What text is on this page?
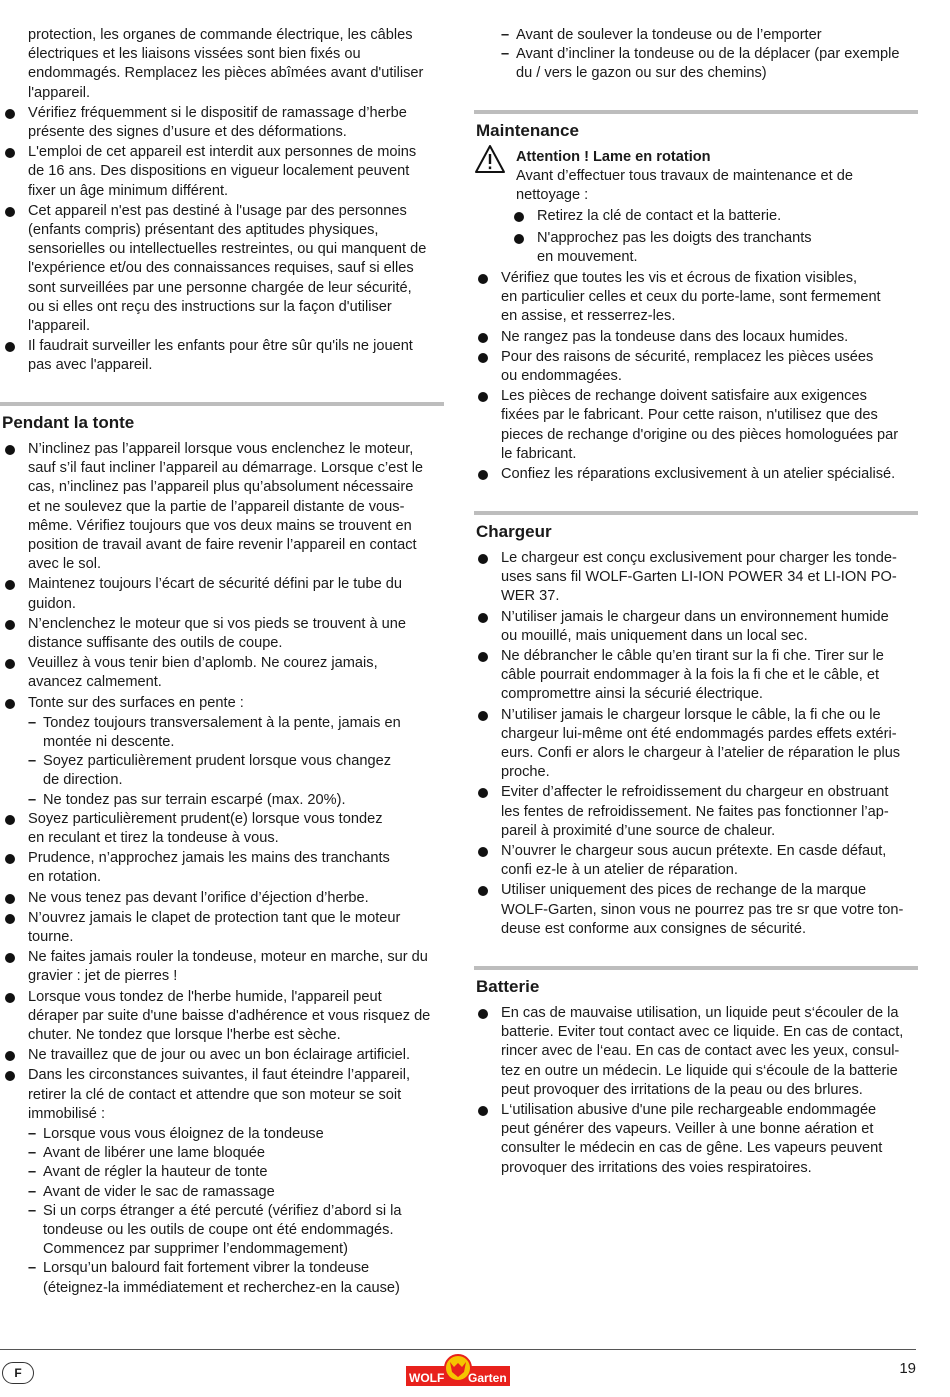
protection, les organes de commande électrique, les câbles
électriques et les liaisons vissées sont bien fixés ou
endommagés. Remplacez les pièces abîmées avant d'utiliser
l'appareil.
Vérifiez fréquemment si le dispositif de ramassage d’herbe
présente des signes d’usure et des déformations.
L'emploi de cet appareil est interdit aux personnes de moins
de 16 ans. Des dispositions en vigueur localement peuvent
fixer un âge minimum différent.
Cet appareil n'est pas destiné à l'usage par des personnes
(enfants compris) présentant des aptitudes physiques,
sensorielles ou intellectuelles restreintes, ou qui manquent de
l'expérience et/ou des connaissances requises, sauf si elles
sont surveillées par une personne chargée de leur sécurité,
ou si elles ont reçu des instructions sur la façon d'utiliser
l'appareil.
Il faudrait surveiller les enfants pour être sûr qu'ils ne jouent
pas avec l'appareil.
Pendant la tonte
N’inclinez pas l’appareil lorsque vous enclenchez le moteur,
sauf s’il faut incliner l’appareil au démarrage. Lorsque c’est le
cas, n’inclinez pas l’appareil plus qu’absolument nécessaire
et ne soulevez que la partie de l’appareil distante de vous-
même. Vérifiez toujours que vos deux mains se trouvent en
position de travail avant de faire revenir l’appareil en contact
avec le sol.
Maintenez toujours l’écart de sécurité défini par le tube du
guidon.
N’enclenchez le moteur que si vos pieds se trouvent à une
distance suffisante des outils de coupe.
Veuillez à vous tenir bien d’aplomb. Ne courez jamais,
avancez calmement.
Tonte sur des surfaces en pente :
– Tondez toujours transversalement à la pente, jamais en
montée ni descente.
– Soyez particulièrement prudent lorsque vous changez
de direction.
– Ne tondez pas sur terrain escarpé (max. 20%).
Soyez particulièrement prudent(e) lorsque vous tondez
en reculant et tirez la tondeuse à vous.
Prudence, n’approchez jamais les mains des tranchants
en rotation.
Ne vous tenez pas devant l’orifice d’éjection d’herbe.
N’ouvrez jamais le clapet de protection tant que le moteur
tourne.
Ne faites jamais rouler la tondeuse, moteur en marche, sur du
gravier : jet de pierres !
Lorsque vous tondez de l'herbe humide, l'appareil peut
déraper par suite d'une baisse d'adhérence et vous risquez de
chuter. Ne tondez que lorsque l'herbe est sèche.
Ne travaillez que de jour ou avec un bon éclairage artificiel.
Dans les circonstances suivantes, il faut éteindre l’appareil,
retirer la clé de contact et attendre que son moteur se soit
immobilisé :
– Lorsque vous vous éloignez de la tondeuse
– Avant de libérer une lame bloquée
– Avant de régler la hauteur de tonte
– Avant de vider le sac de ramassage
– Si un corps étranger a été percuté (vérifiez d’abord si la
tondeuse ou les outils de coupe ont été endommagés.
Commencez par supprimer l’endommagement)
– Lorsqu’un balourd fait fortement vibrer la tondeuse
(éteignez-la immédiatement et recherchez-en la cause)
– Avant de soulever la tondeuse ou de l’emporter
– Avant d’incliner la tondeuse ou de la déplacer (par exemple
du / vers le gazon ou sur des chemins)
Maintenance
Attention ! Lame en rotation
Avant d’effectuer tous travaux de maintenance et de
nettoyage :
Retirez la clé de contact et la batterie.
N'approchez pas les doigts des tranchants
en mouvement.
Vérifiez que toutes les vis et écrous de fixation visibles,
en particulier celles et ceux du porte-lame, sont fermement
en assise, et resserrez-les.
Ne rangez pas la tondeuse dans des locaux humides.
Pour des raisons de sécurité, remplacez les pièces usées
ou endommagées.
Les pièces de rechange doivent satisfaire aux exigences
fixées par le fabricant. Pour cette raison, n'utilisez que des
pieces de rechange d'origine ou des pièces homologuées par
le fabricant.
Confiez les réparations exclusivement à un atelier spécialisé.
Chargeur
Le chargeur est conçu exclusivement pour charger les tonde-
uses sans fil WOLF-Garten LI-ION POWER 34 et LI-ION PO-
WER 37.
N’utiliser jamais le chargeur dans un environnement humide
ou mouillé, mais uniquement dans un local sec.
Ne débrancher le câble qu’en tirant sur la fi che. Tirer sur le
câble pourrait endommager à la fois la fi che et le câble, et
compromettre ainsi la sécurié électrique.
N’utiliser jamais le chargeur lorsque le câble, la fi che ou le
chargeur lui-même ont été endommagés pardes effets extéri-
eurs. Confi er alors le chargeur à l’atelier de réparation le plus
proche.
Eviter d’affecter le refroidissement du chargeur en obstruant
les fentes de refroidissement. Ne faites pas fonctionner l’ap-
pareil à proximité d’une source de chaleur.
N’ouvrer le chargeur sous aucun prétexte. En casde défaut,
confi ez-le à un atelier de réparation.
Utiliser uniquement des pices de rechange de la marque
WOLF-Garten, sinon vous ne pourrez pas tre sr que votre ton-
deuse est conforme aux consignes de sécurité.
Batterie
En cas de mauvaise utilisation, un liquide peut s‘écouler de la
batterie. Eviter tout contact avec ce liquide. En cas de contact,
rincer avec de l‘eau. En cas de contact avec les yeux, consul-
tez en outre un médecin. Le liquide qui s‘écoule de la batterie
peut provoquer des irritations de la peau ou des brlures.
L‘utilisation abusive d'une pile rechargeable endommagée
peut générer des vapeurs. Veiller à une bonne aération et
consulter le médecin en cas de gêne. Les vapeurs peuvent
provoquer des irritations des voies respiratoires.
F	WOLF Garten
19
